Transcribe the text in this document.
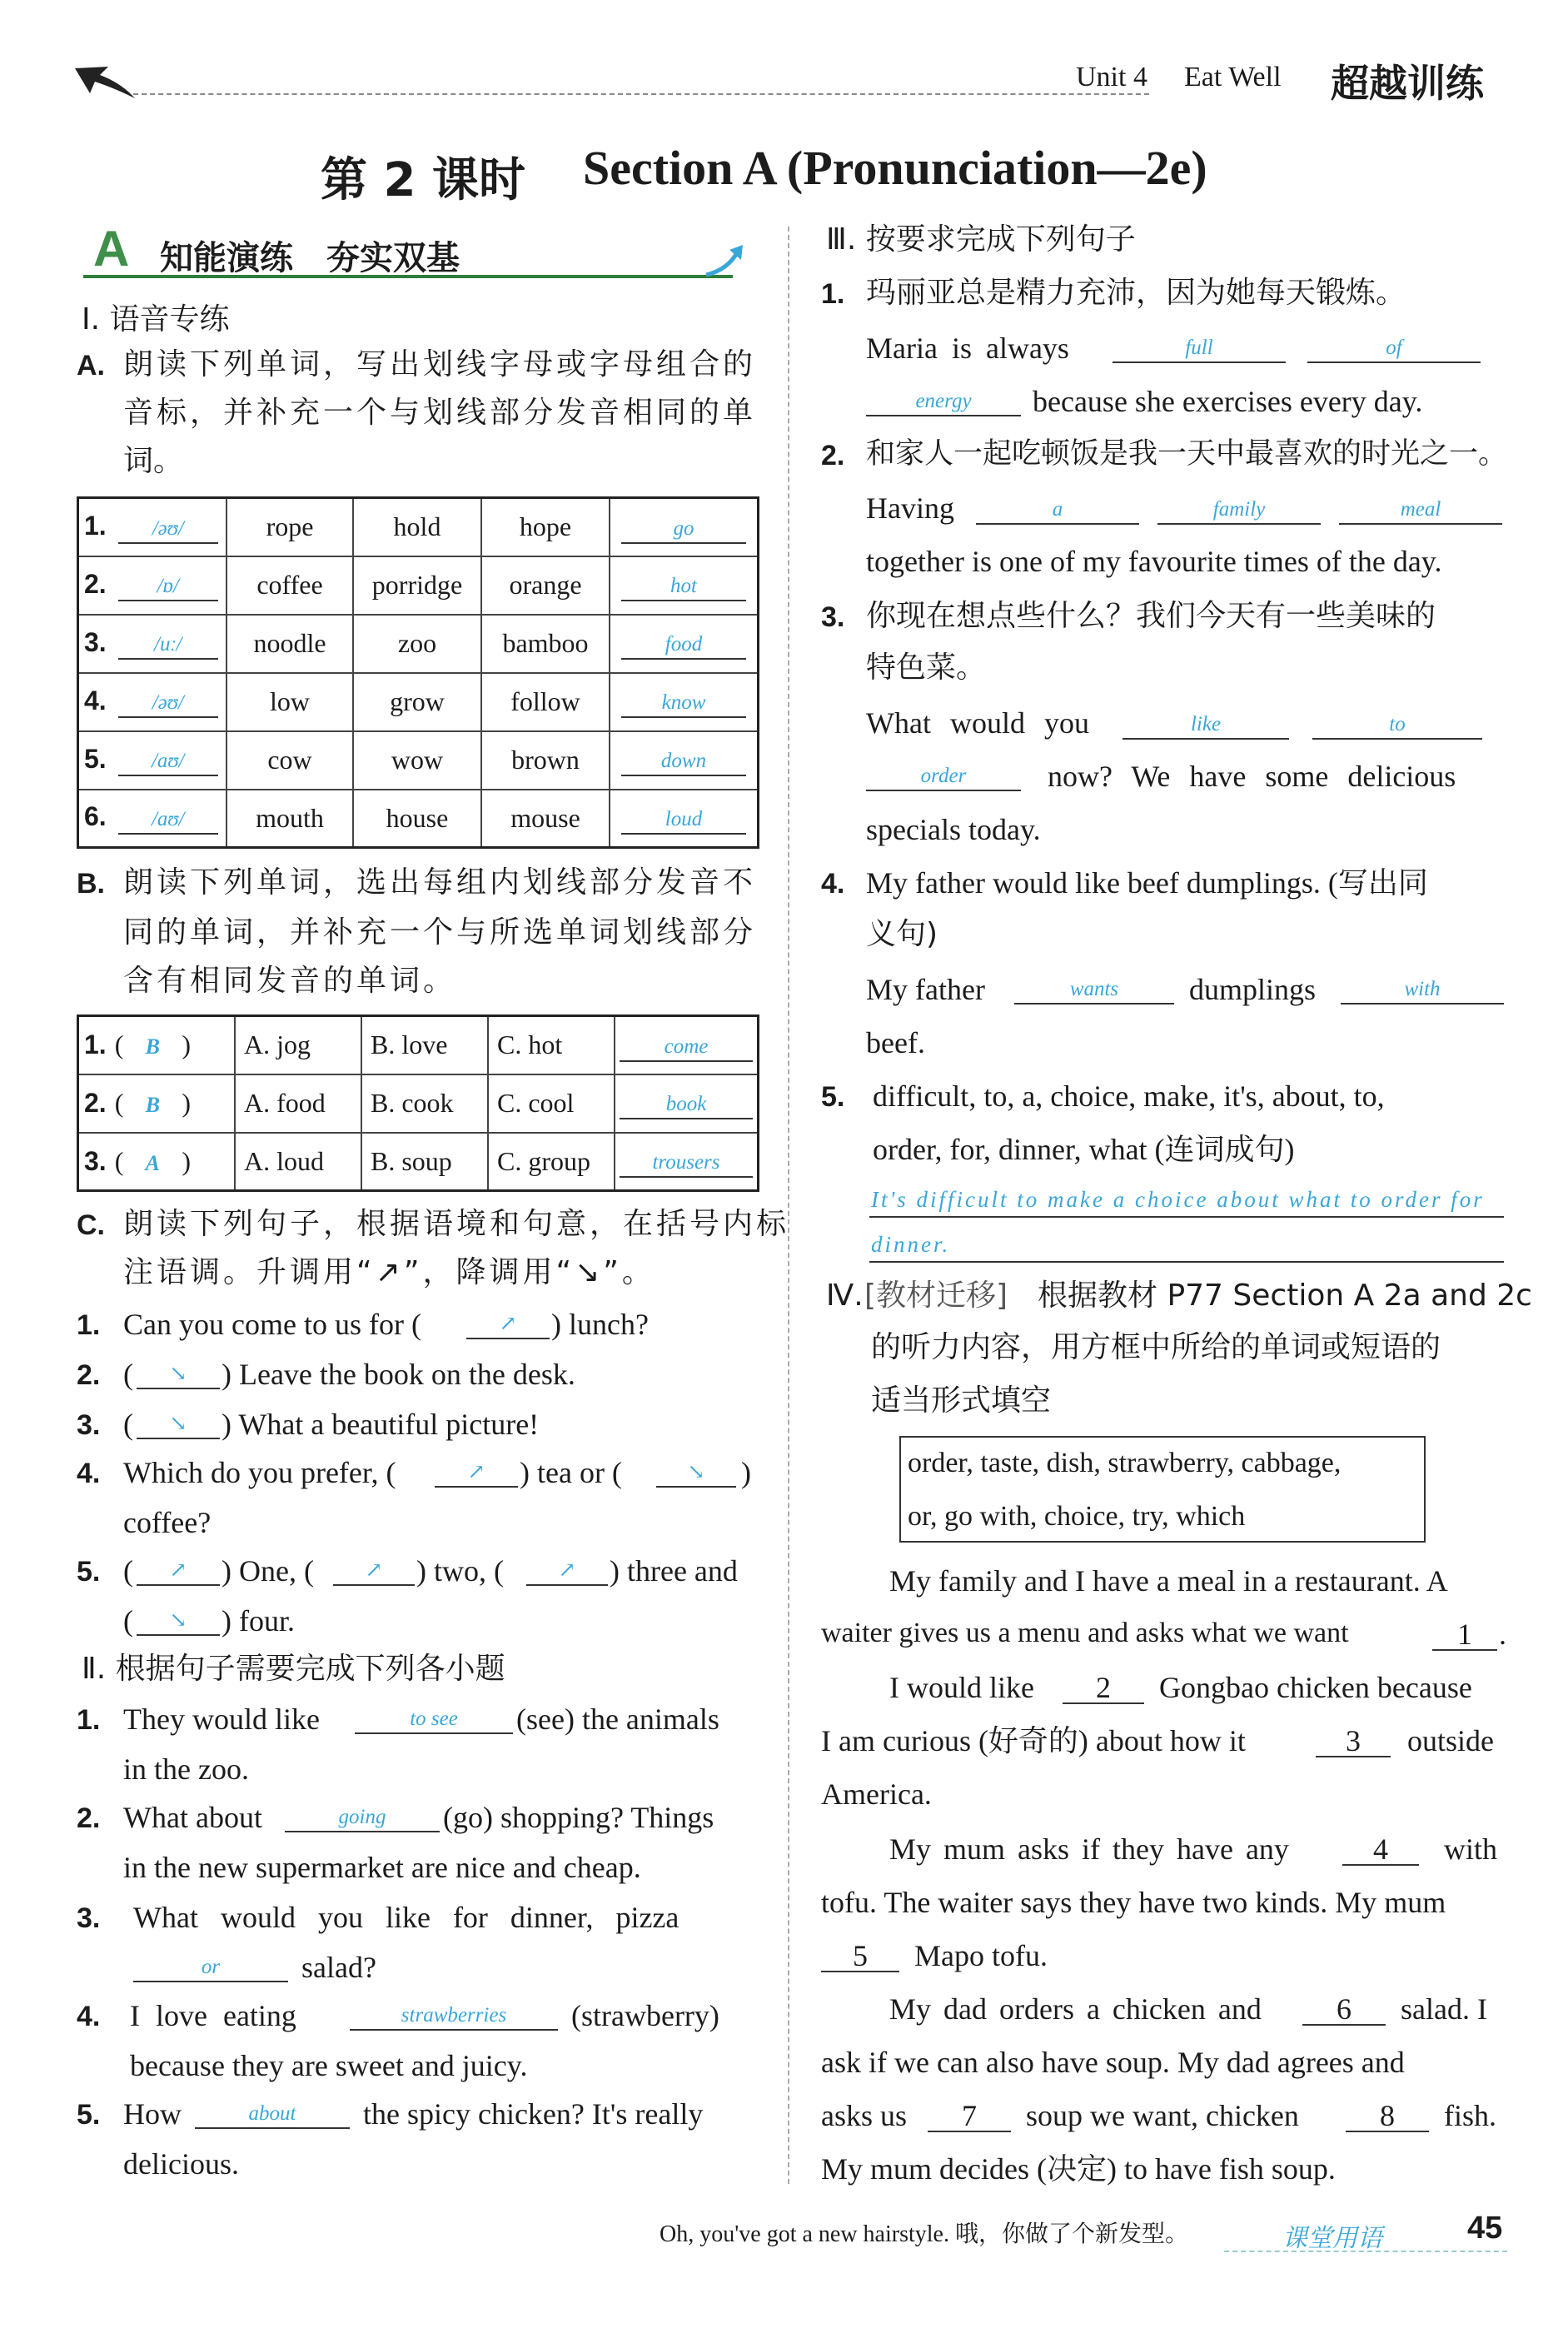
Unit 4 Eat Well 超越训练
第 2 课时 Section A (Pronunciation—2e)
A 知能演练　夯实双基
Ⅰ. 语音专练
A. 朗读下列单词，写出划线字母或字母组合的
音标，并补充一个与划线部分发音相同的单
词。
1. /əʊ/	rope	hold	hope	go

2. /ɒ/	coffee	porridge	orange	hot

3. /uː/	noodle	zoo	bamboo	food

4. /əʊ/	low	grow	follow	know

5. /aʊ/	cow	wow	brown	down

6. /aʊ/	mouth	house	mouse	loud
B. 朗读下列单词，选出每组内划线部分发音不
同的单词，并补充一个与所选单词划线部分
含有相同发音的单词。
1. ( B )	A. jog	B. love	C. hot	come

2. ( B )	A. food	B. cook	C. cool	book

3. ( A )	A. loud	B. soup	C. group	trousers
C. 朗读下列句子，根据语境和句意，在括号内标
注语调。升调用“↗”，降调用“↘”。
1. Can you come to us for (	↗	) lunch?
2. (	↘	) Leave the book on the desk.
3. (	↘	) What a beautiful picture!
4. Which do you prefer, (	↗	) tea or (	↘	)
coffee?
5. (	↗	) One, (	↗	) two, (	↗	) three and
(	↘	) four.
Ⅱ. 根据句子需要完成下列各小题
1. They would like	to see	(see) the animals
in the zoo.
2. What about	going	(go) shopping? Things
in the new supermarket are nice and cheap.
3. What would you like for dinner, pizza
or	salad?
4. I love eating	strawberries	(strawberry)
because they are sweet and juicy.
5. How	about	the spicy chicken? It's really
delicious.
Ⅲ. 按要求完成下列句子
1. 玛丽亚总是精力充沛，因为她每天锻炼。
Maria is always	full	of
energy	because she exercises every day.
2. 和家人一起吃顿饭是我一天中最喜欢的时光之一。
Having	a	family	meal
together is one of my favourite times of the day.
3. 你现在想点些什么？我们今天有一些美味的
特色菜。
What would you	like	to
order	now? We have some delicious
specials today.
4. My father would like beef dumplings. (写出同
义句)
My father	wants	dumplings	with
beef.
5. difficult, to, a, choice, make, it's, about, to,
order, for, dinner, what (连词成句)
It's difficult to make a choice about what to order for
dinner.
Ⅳ. [教材迁移] 根据教材 P77 Section A 2a and 2c
的听力内容，用方框中所给的单词或短语的
适当形式填空
order, taste, dish, strawberry, cabbage,
or, go with, choice, try, which
My family and I have a meal in a restaurant. A
waiter gives us a menu and asks what we want	1 .
I would like	2	Gongbao chicken because
I am curious (好奇的) about how it	3	outside
America.
My mum asks if they have any	4	with
tofu. The waiter says they have two kinds. My mum
5	Mapo tofu.
My dad orders a chicken and	6	salad. I
ask if we can also have soup. My dad agrees and
asks us	7	soup we want, chicken	8	fish.
My mum decides (决定) to have fish soup.
Oh, you've got a new hairstyle. 哦，你做了个新发型。	课堂用语	45
